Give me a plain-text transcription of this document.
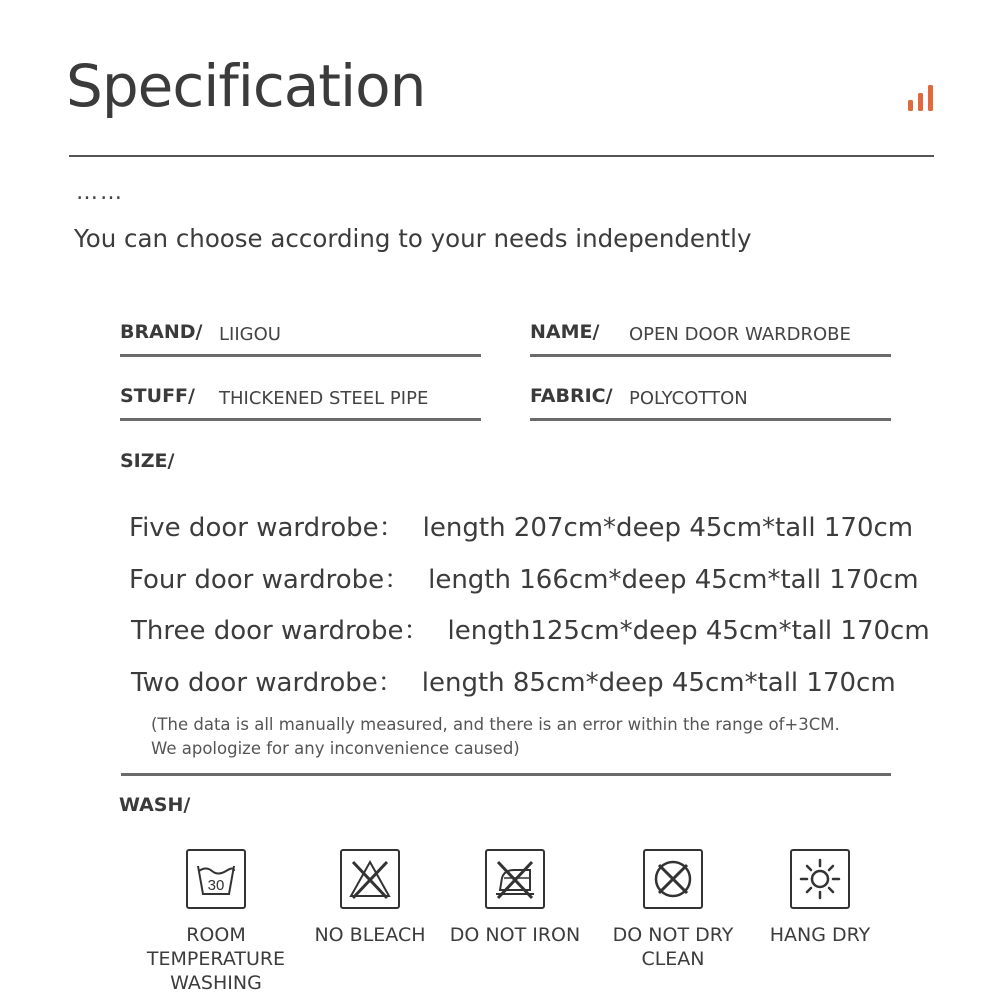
Specification
……
You can choose according to your needs independently
BRAND/ LIIGOU	NAME/ OPEN DOOR WARDROBE
STUFF/ THICKENED STEEL PIPE	FABRIC/ POLYCOTTON
SIZE/
Five door wardrobe： length 207cm*deep 45cm*tall 170cm
Four door wardrobe： length 166cm*deep 45cm*tall 170cm
Three door wardrobe： length125cm*deep 45cm*tall 170cm
Two door wardrobe： length 85cm*deep 45cm*tall 170cm
(The data is all manually measured, and there is an error within the range of+3CM.
We apologize for any inconvenience caused)
WASH/
30
ROOM TEMPERATURE WASHING
NO BLEACH	DO NOT IRON	DO NOT DRY CLEAN
HANG DRY
